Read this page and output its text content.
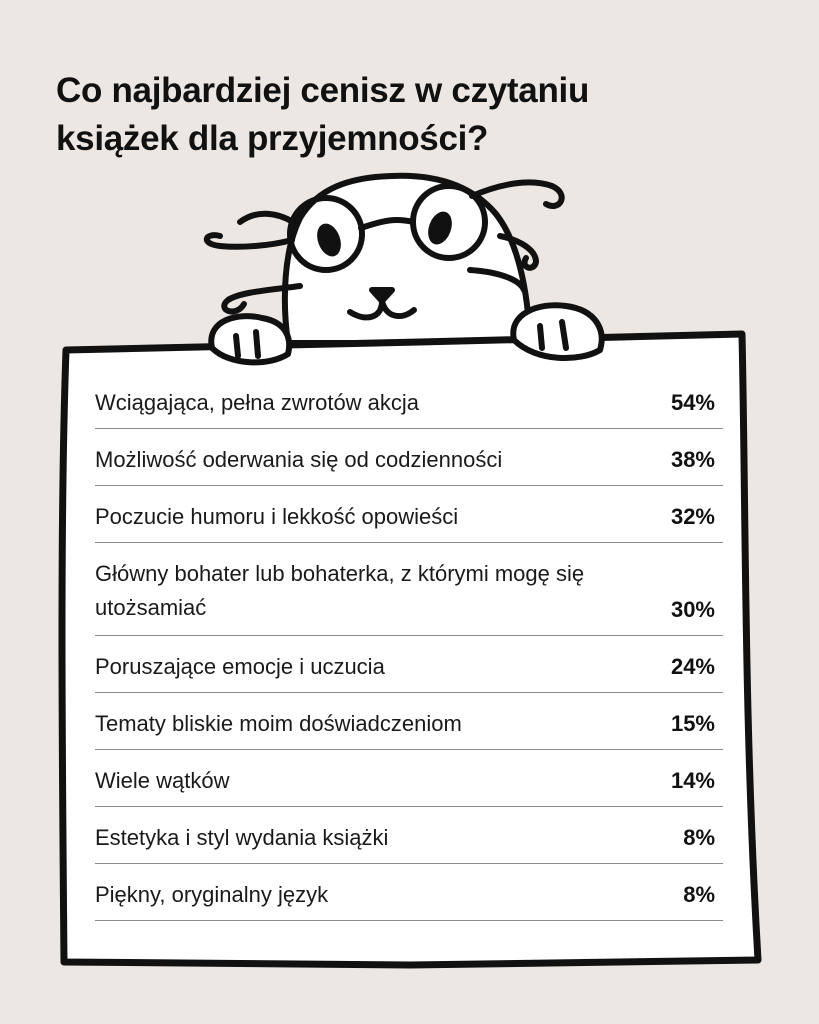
Co najbardziej cenisz w czytaniu
książek dla przyjemności?
Wciągająca, pełna zwrotów akcja	54%
Możliwość oderwania się od codzienności	38%
Poczucie humoru i lekkość opowieści	32%
Główny bohater lub bohaterka, z którymi mogę się utożsamiać	30%
Poruszające emocje i uczucia	24%
Tematy bliskie moim doświadczeniom	15%
Wiele wątków	14%
Estetyka i styl wydania książki	8%
Piękny, oryginalny język	8%
